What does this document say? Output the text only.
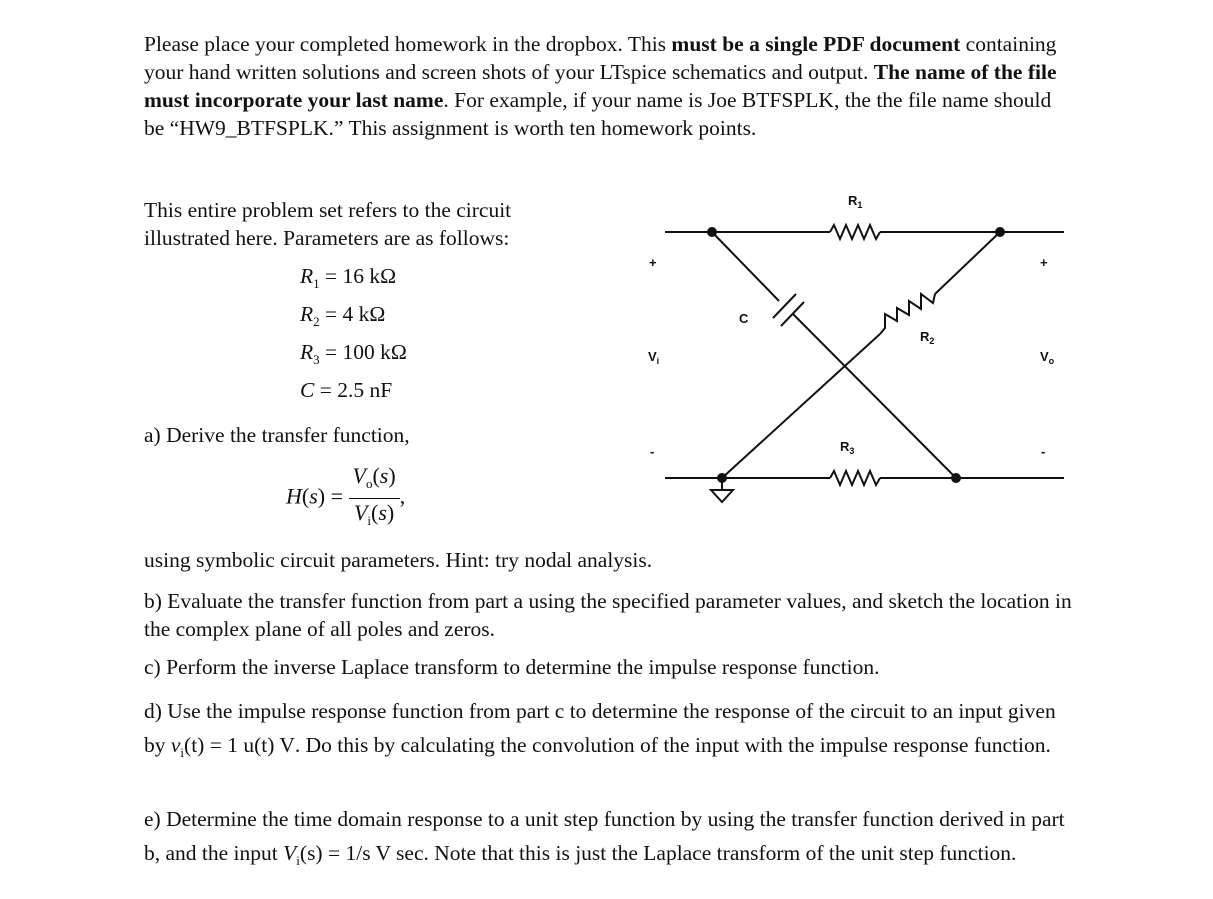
Please place your completed homework in the dropbox. This must be a single PDF document containing your hand written solutions and screen shots of your LTspice schematics and output. The name of the file must incorporate your last name. For example, if your name is Joe BTFSPLK, the the file name should be “HW9_BTFSPLK.” This assignment is worth ten homework points.

This entire problem set refers to the circuit illustrated here. Parameters are as follows:

$R_1 = 16$ kΩ
$R_2 = 4$ kΩ
$R_3 = 100$ kΩ
C = 2.5 nF

a) Derive the transfer function,

$H(s) = \frac{V_o(s)}{V_i(s)}$ ,

using symbolic circuit parameters. Hint: try nodal analysis.

b) Evaluate the transfer function from part a using the specified parameter values, and sketch the location in the complex plane of all poles and zeros.

c) Perform the inverse Laplace transform to determine the impulse response function.

d) Use the impulse response function from part c to determine the response of the circuit to an input given by $v_i(t) = 1$ u(t) V. Do this by calculating the convolution of the input with the impulse response function.

e) Determine the time domain response to a unit step function by using the transfer function derived in part b, and the input $V_i(s) = 1/s$ V sec. Note that this is just the Laplace transform of the unit step function.

$R_1$
$R_2$
$R_3$
C
$V_i$	$V_o$
+	+
-	-
